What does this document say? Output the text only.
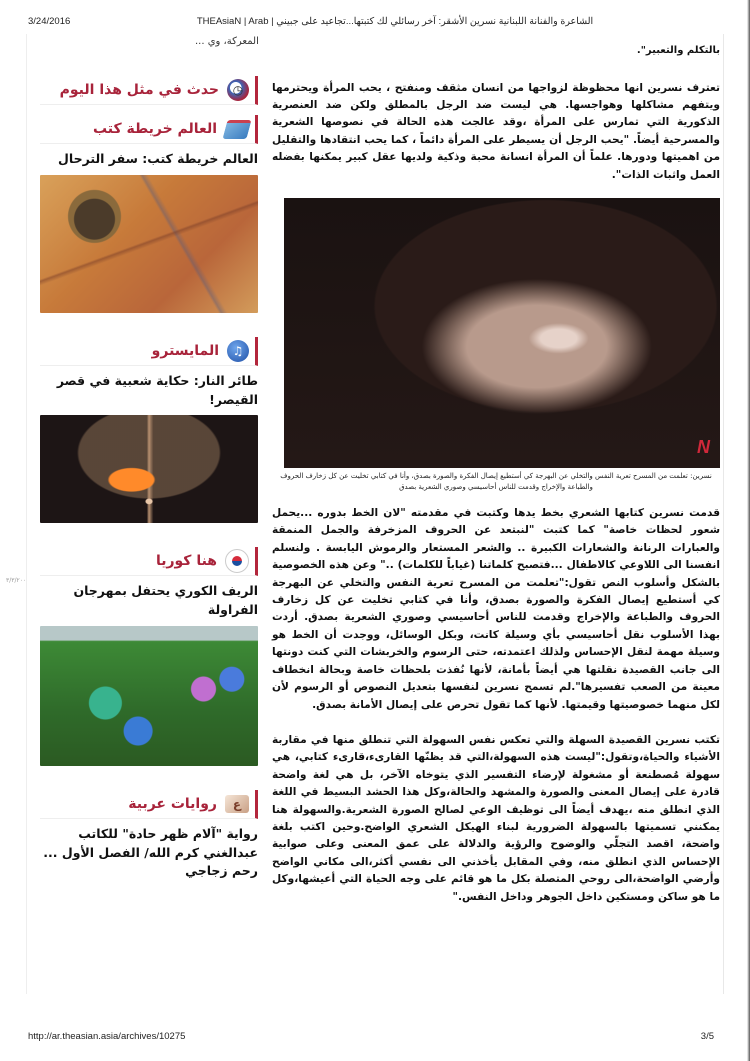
3/24/2016	الشاعرة والفنانة اللبنانية نسرين الأشقر: آخر رسائلي لك كتبتها...تجاعيد على جبيني | THEAsiaN | Arab
٣/٣/٢٠٠
المعركة، وي ...
◷
حدث في مثل هذا اليوم
العالم خريطة كتب
العالم خريطة كتب: سفر الترحال
♫
المايسترو
طائر النار: حكاية شعبية في قصر القيصر!
هنا كوريا
الريف الكوري يحتفل بمهرجان الفراولة
ع
روايات عربية
رواية "آلام ظهر حادة" للكاتب عبدالغني كرم الله/ الفصل الأول ... رحم زجاجي

بالتكلم والتعبير".

تعترف نسرين انها محظوظة لزواجها من انسان مثقف ومنفتح ، يحب المرأة ويحترمها ويتفهم مشاكلها وهواجسها. هي ليست ضد الرجل بالمطلق ولكن ضد العنصرية الذكورية التي تمارس على المرأة ،وقد عالجت هذه الحالة في نصوصها الشعرية والمسرحية أيضاً. "يحب الرجل أن يسيطر على المرأة دائماً ، كما يحب انتقادها والتقليل من اهميتها ودورها. علماً أن المرأة انسانة محبة وذكية ولديها عقل كبير يمكنها بفضله العمل واثبات الذات".

N
نسرين: تعلمت من المسرح تعرية النفس والتخلي عن البهرجة كي أستطيع إيصال الفكرة والصورة بصدق، وأنا في كتابي تخليت عن كل زخارف الحروف والطباعة والإخراج وقدمت للناس أحاسيسي وصوري الشعرية بصدق

قدمت نسرين كتابها الشعري بخط يدها وكتبت في مقدمته "لان الخط بدوره ...يحمل شعور لحظات خاصة" كما كتبت "لنبتعد عن الحروف المزخرفة والجمل المنمقة والعبارات الرنانة والشعارات الكبيرة .. والشعر المستعار والرموش اليابسة . ولنسلم انفسنا الى اللاوعي كالاطفال ...فتصبح كلماتنا (غياباً للكلمات) .." وعن هذه الخصوصية بالشكل وأسلوب النص تقول:"تعلمت من المسرح تعرية النفس والتخلي عن البهرجة كي أستطيع إيصال الفكرة والصورة بصدق، وأنا في كتابي تخليت عن كل زخارف الحروف والطباعة والإخراج وقدمت للناس أحاسيسي وصوري الشعرية بصدق. أردت بهذا الأسلوب نقل أحاسيسي بأي وسيلة كانت، وبكل الوسائل، ووجدت أن الخط هو وسيلة مهمة لنقل الإحساس ولذلك اعتمدته، حتى الرسوم والخربشات التي كنت دونتها الى جانب القصيدة نقلتها هي أيضاً بأمانة، لأنها نُفذت بلحظات خاصة وبحالة انخطاف معينة من الصعب تفسيرها".لم تسمح نسرين لنفسها بتعديل النصوص أو الرسوم لأن لكل منهما خصوصيتها وقيمتها. لأنها كما تقول تحرص على إيصال الأمانة بصدق.

تكتب نسرين القصيدة السهلة والتي تعكس نفس السهولة التي تنطلق منها في مقاربة الأشياء والحياة،وتقول:"ليست هذه السهولة،التي قد يظنّها القارىء،قارىء كتابي، هي سهولة مُصطنعة أو مشغولة لإرضاء التفسير الذي يتوخاه الآخر، بل هي لغة واضحة قادرة على إيصال المعنى والصورة والمشهد والحالة،وكل هذا الحشد البسيط في اللغة الذي انطلق منه ،يهدف أيضاً الى توظيف الوعي لصالح الصورة الشعرية.والسهولة هنا يمكنني تسميتها بالسهولة الضرورية لبناء الهيكل الشعري الواضح.وحين اكتب بلغة واضحة، اقصد التجلّي والوضوح والرؤية والدلالة على عمق المعنى وعلى صوابية الإحساس الذي انطلق منه، وفي المقابل يأخذني الى نفسي أكثر،الى مكاني الواضح وأرضي الواضحة،الى روحي المتصلة بكل ما هو قائم على وجه الحياة التي أعيشها،وكل ما هو ساكن ومستكين داخل الجوهر وداخل النفس."

http://ar.theasian.asia/archives/10275	3/5
